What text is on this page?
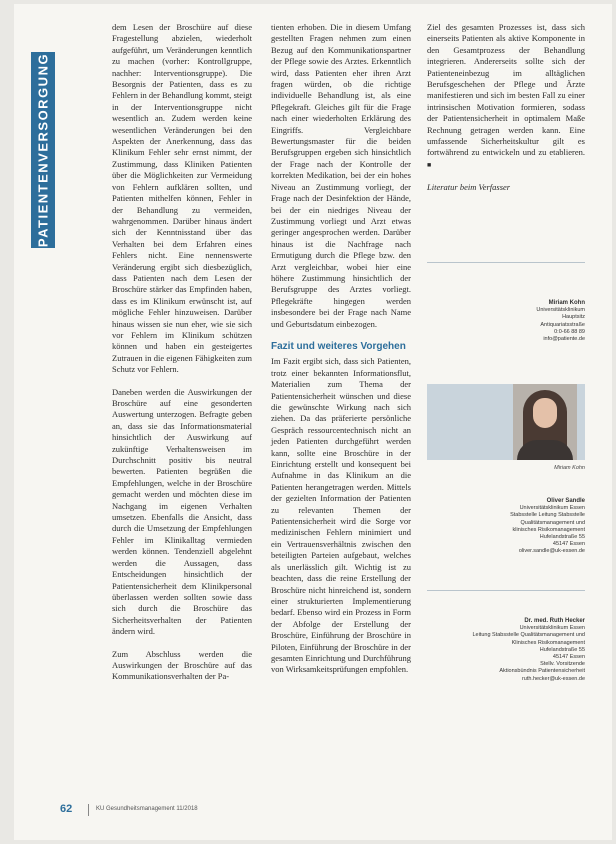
PATIENTENVERSORGUNG

dem Lesen der Broschüre auf diese Fragestellung abzielen, wiederholt aufgeführt, um Veränderungen kenntlich zu machen (vorher: Kontrollgruppe, nachher: Interventionsgruppe). Die Besorgnis der Patienten, dass es zu Fehlern in der Behandlung kommt, steigt in der Interventionsgruppe nicht wesentlich an. Zudem werden keine wesentlichen Veränderungen bei den Aspekten der Anerkennung, dass das Klinikum Fehler sehr ernst nimmt, der Zustimmung, dass Kliniken Patienten über die Möglichkeiten zur Vermeidung von Fehlern aufklären sollten, und Patienten mithelfen können, Fehler in der Behandlung zu vermeiden, wahrgenommen. Darüber hinaus ändert sich der Kenntnisstand über das Verhalten bei dem Erfahren eines Fehlers nicht. Eine nennenswerte Veränderung ergibt sich diesbezüglich, dass Patienten nach dem Lesen der Broschüre stärker das Empfinden haben, dass es im Klinikum erwünscht ist, auf mögliche Fehler hinzuweisen. Darüber hinaus wissen sie nun eher, wie sie sich vor Fehlern im Klinikum schützen können und haben ein gesteigertes Zutrauen in die eigenen Fähigkeiten zum Schutz vor Fehlern.

Daneben werden die Auswirkungen der Broschüre auf eine gesonderten Auswertung unterzogen. Befragte geben an, dass sie das Informationsmaterial hinsichtlich der Auswirkung auf zukünftige Verhaltensweisen im Durchschnitt positiv bis neutral bewerten. Patienten begrüßen die Empfehlungen, welche in der Broschüre gemacht werden und möchten diese im Nachgang im eigenen Verhalten umsetzen. Ebenfalls die Ansicht, dass durch die Umsetzung der Empfehlungen Fehler im Klinikalltag vermieden werden können. Tendenziell abgelehnt werden die Aussagen, dass Entscheidungen hinsichtlich der Patientensicherheit dem Klinikpersonal überlassen werden sollten sowie dass sich durch die Broschüre das Sicherheitsverhalten der Patienten ändern wird.

Zum Abschluss werden die Auswirkungen der Broschüre auf das Kommunikationsverhalten der Pa-

tienten erhoben. Die in diesem Umfang gestellten Fragen nehmen zum einen Bezug auf den Kommunikationspartner der Pflege sowie des Arztes. Erkenntlich wird, dass Patienten eher ihren Arzt fragen würden, ob die richtige individuelle Behandlung ist, als eine Pflegekraft. Gleiches gilt für die Frage nach einer wiederholten Erklärung des Eingriffs. Vergleichbare Bewertungsmaster für die beiden Berufsgruppen ergeben sich hinsichtlich der Frage nach der Kontrolle der korrekten Medikation, bei der ein hohes Niveau an Zustimmung vorliegt, der Frage nach der Desinfektion der Hände, bei der ein niedriges Niveau der Zustimmung vorliegt und Arzt etwas geringer angesprochen werden. Darüber hinaus ist die Nachfrage nach Ermutigung durch die Pflege bzw. den Arzt vergleichbar, wobei hier eine höhere Zustimmung hinsichtlich der Berufsgruppe des Arztes vorliegt. Pflegekräfte hingegen werden insbesondere bei der Frage nach Name und Geburtsdatum einbezogen.

Fazit und weiteres Vorgehen

Im Fazit ergibt sich, dass sich Patienten, trotz einer bekannten Informationsflut, Materialien zum Thema der Patientensicherheit wünschen und diese die gewünschte Wirkung nach sich ziehen. Da das präferierte persönliche Gespräch ressourcentechnisch nicht an jeden Patienten durchgeführt werden kann, sollte eine Broschüre in der Einrichtung erstellt und konsequent bei Aufnahme in das Klinikum an die Patienten herangetragen werden. Mittels der gezielten Information der Patienten zu relevanten Themen der Patientensicherheit wird die Sorge vor medizinischen Fehlern minimiert und ein Vertrauensverhältnis zwischen den beteiligten Parteien aufgebaut, welches als unerlässlich gilt. Wichtig ist zu beachten, dass die reine Erstellung der Broschüre nicht hinreichend ist, sondern einer strukturierten Implementierung bedarf. Ebenso wird ein Prozess in Form der Abfolge der Erstellung der Broschüre, Einführung der Broschüre in Piloten, Einführung der Broschüre in der gesamten Einrichtung und Durchführung von Wirksamkeitsprüfungen empfohlen.

Ziel des gesamten Prozesses ist, dass sich einerseits Patienten als aktive Komponente in den Gesamtprozess der Behandlung integrieren. Andererseits sollte sich der Patienteneinbezug im alltäglichen Berufsgeschehen der Pflege und Ärzte manifestieren und sich im besten Fall zu einer intrinsischen Motivation formieren, sodass der Patientensicherheit in optimalem Maße Rechnung getragen werden kann. Eine umfassende Sicherheitskultur gilt es fortwährend zu entwickeln und zu etablieren. ■

Literatur beim Verfasser

Miriam Kohn
Universitätsklinikum
Hauptsitz
Antiquariatsstraße
0:0-66 88 89
info@patiente.de
Miriam Kohn
Oliver Sandle
Universitätsklinikum Essen
Stabsstelle Leitung Stabsstelle
Qualitätsmanagement und
klinisches Risikomanagement
Hufelandstraße 55
45147 Essen
oliver.sandle@uk-essen.de
Dr. med. Ruth Hecker
Universitätsklinikum Essen
Leitung Stabsstelle Qualitätsmanagement und
Klinisches Risikomanagement
Hufelandstraße 55
45147 Essen
Stellv. Vorsitzende
Aktionsbündnis Patientensicherheit
ruth.hecker@uk-essen.de
62	KU Gesundheitsmanagement 11/2018
